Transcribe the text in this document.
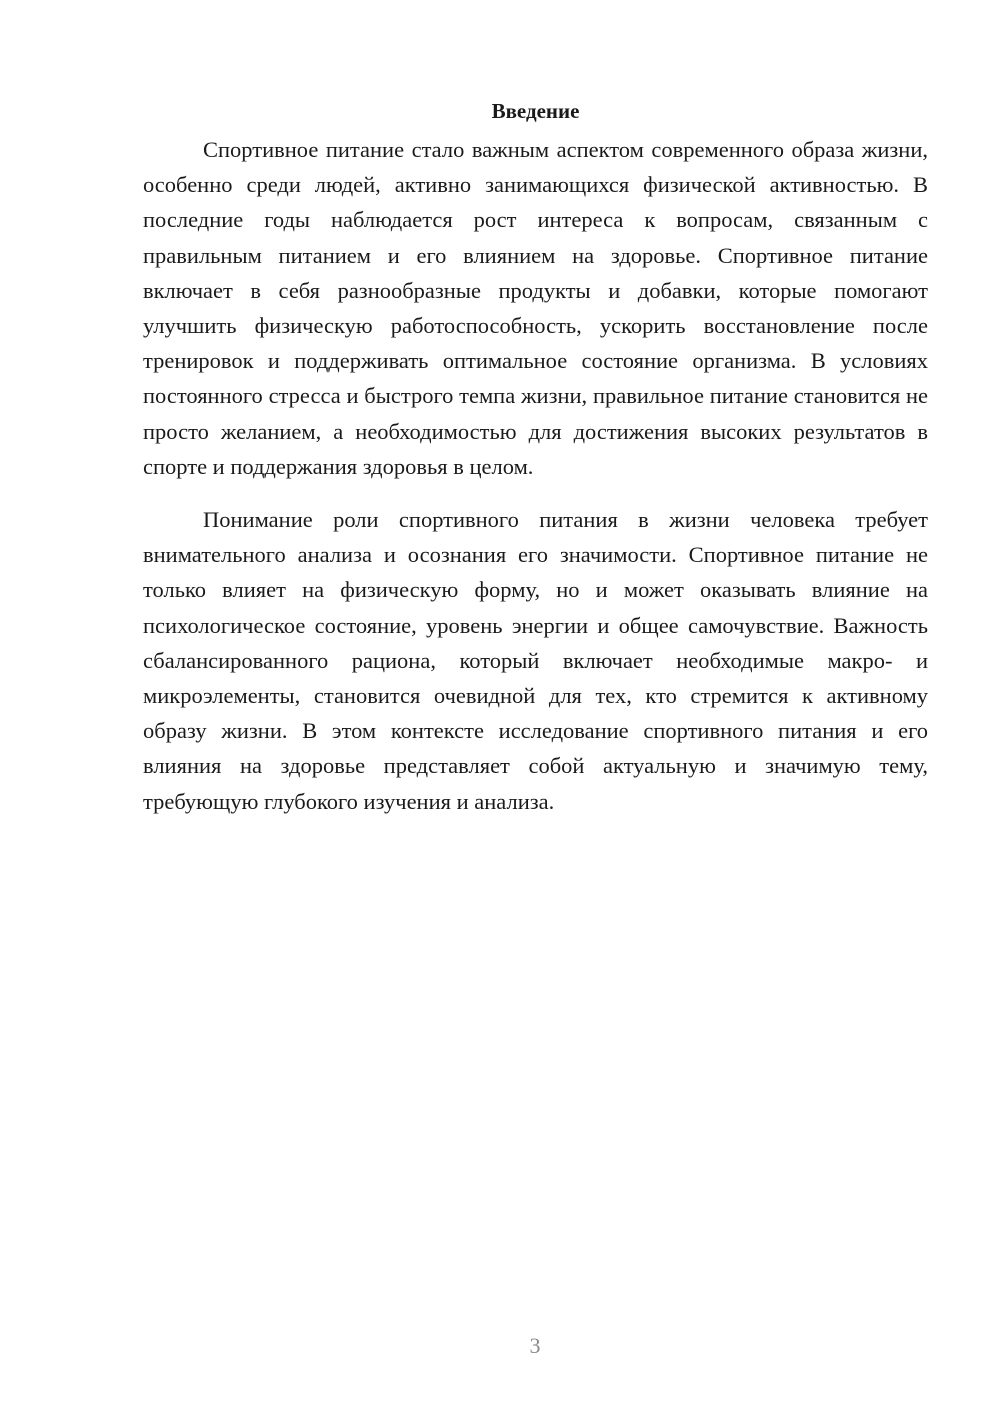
Введение

Спортивное питание стало важным аспектом современного образа жизни, особенно среди людей, активно занимающихся физической активностью. В последние годы наблюдается рост интереса к вопросам, связанным с правильным питанием и его влиянием на здоровье. Спортивное питание включает в себя разнообразные продукты и добавки, которые помогают улучшить физическую работоспособность, ускорить восстановление после тренировок и поддерживать оптимальное состояние организма. В условиях постоянного стресса и быстрого темпа жизни, правильное питание становится не просто желанием, а необходимостью для достижения высоких результатов в спорте и поддержания здоровья в целом.

Понимание роли спортивного питания в жизни человека требует внимательного анализа и осознания его значимости. Спортивное питание не только влияет на физическую форму, но и может оказывать влияние на психологическое состояние, уровень энергии и общее самочувствие. Важность сбалансированного рациона, который включает необходимые макро- и микроэлементы, становится очевидной для тех, кто стремится к активному образу жизни. В этом контексте исследование спортивного питания и его влияния на здоровье представляет собой актуальную и значимую тему, требующую глубокого изучения и анализа.

3
